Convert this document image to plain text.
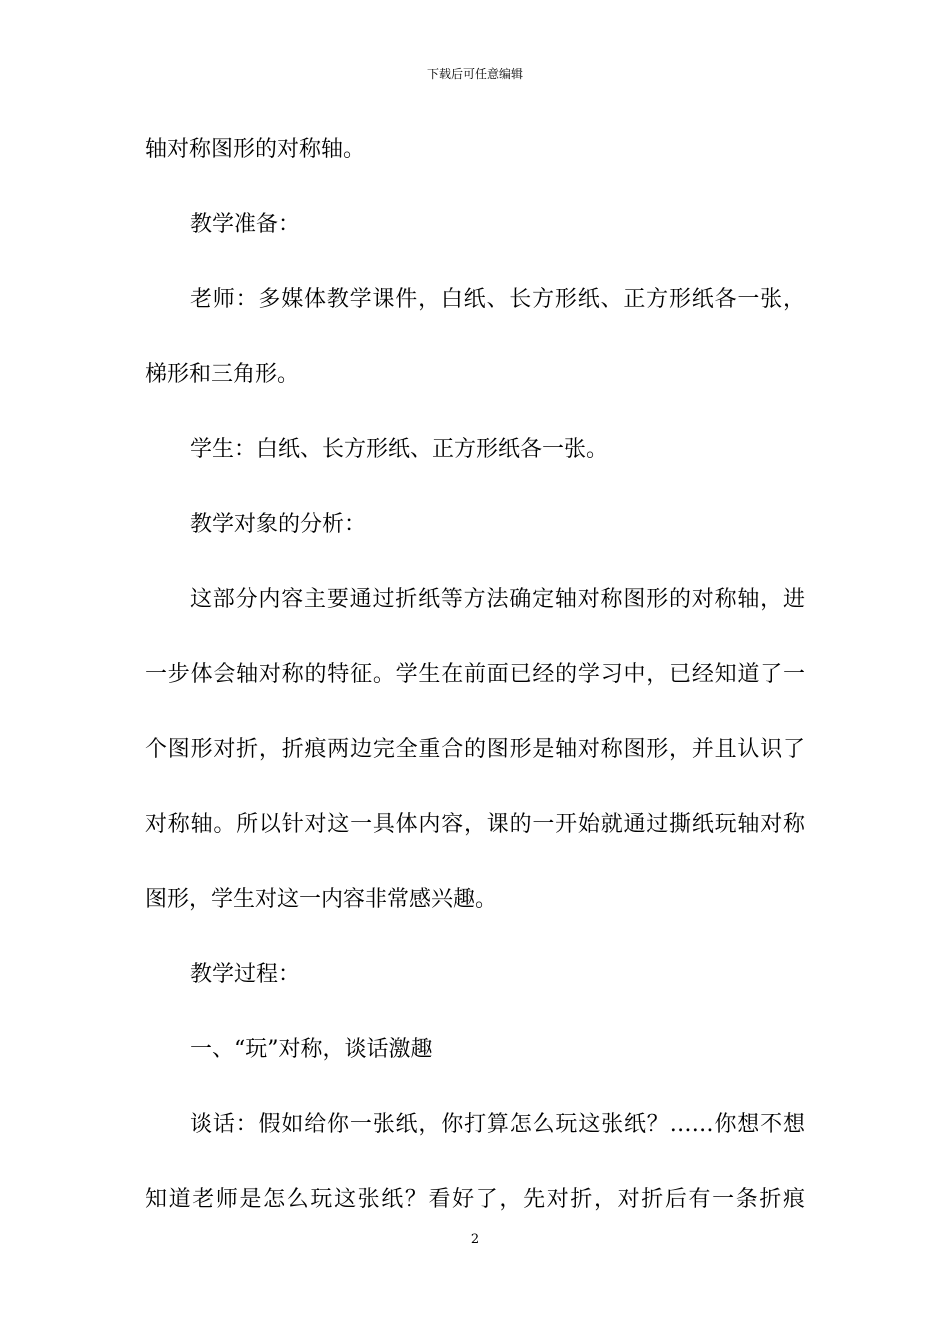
下载后可任意编辑
轴对称图形的对称轴。
教学准备：
老师：多媒体教学课件，白纸、长方形纸、正方形纸各一张，
梯形和三角形。
学生：白纸、长方形纸、正方形纸各一张。
教学对象的分析：
这部分内容主要通过折纸等方法确定轴对称图形的对称轴，进
一步体会轴对称的特征。学生在前面已经的学习中，已经知道了一
个图形对折，折痕两边完全重合的图形是轴对称图形，并且认识了
对称轴。所以针对这一具体内容，课的一开始就通过撕纸玩轴对称
图形，学生对这一内容非常感兴趣。
教学过程：
一、“玩”对称，谈话激趣
谈话：假如给你一张纸，你打算怎么玩这张纸？……你想不想
知道老师是怎么玩这张纸？看好了，先对折，对折后有一条折痕
2
